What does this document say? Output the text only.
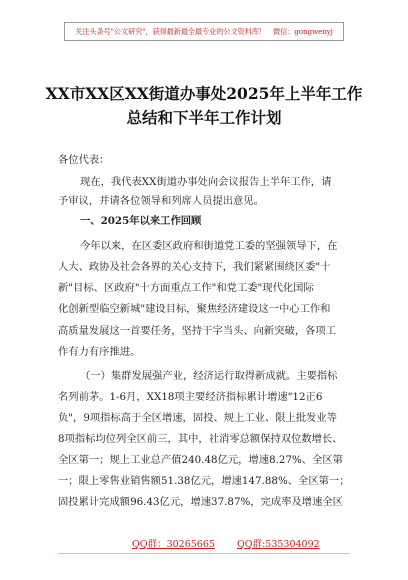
关注头条号"公文研究"，获得最新最全最专业的公文资料库！　微信：gongwenyj
XX市XX区XX街道办事处2025年上半年工作
总结和下半年工作计划
各位代表：
现在，我代表XX街道办事处向会议报告上半年工作，请
予审议，并请各位领导和列席人员提出意见。
一、2025年以来工作回顾
今年以来，在区委区政府和街道党工委的坚强领导下，在
人大、政协及社会各界的关心支持下，我们紧紧围绕区委"十
新"目标、区政府"十方面重点工作"和党工委"现代化国际
化创新型临空新城"建设目标，聚焦经济建设这一中心工作和
高质量发展这一首要任务，坚持干字当头、向新突破，各项工
作有力有序推进。
（一）集群发展强产业，经济运行取得新成就。主要指标
名列前茅。1-6月，XX18项主要经济指标累计增速"12正6
负"，9项指标高于全区增速，固投、规上工业、限上批发业等
8项指标均位列全区前三，其中，社消零总额保持双位数增长、
全区第一；规上工业总产值240.48亿元，增速8.27%、全区第
一；限上零售业销售额51.38亿元，增速147.88%、全区第一；
固投累计完成额96.43亿元，增速37.87%，完成率及增速全区
QQ群：30265665 QQ群:535304092
